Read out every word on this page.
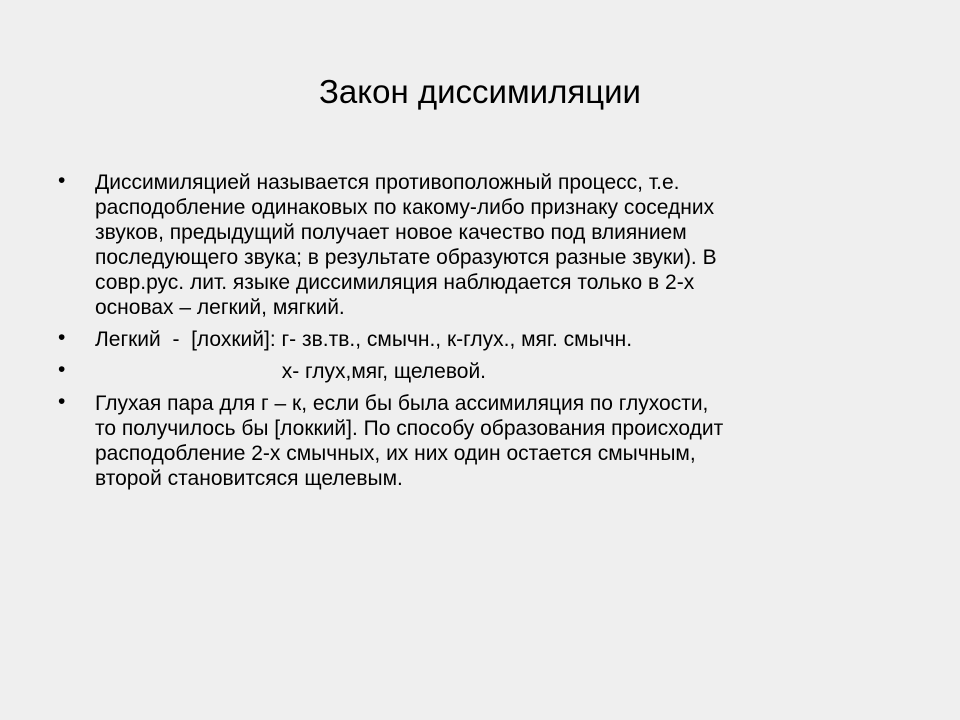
Закон диссимиляции
• Диссимиляцией называется противоположный процесс, т.е.
расподобление одинаковых по какому-либо признаку соседних
звуков, предыдущий получает новое качество под влиянием
последующего звука; в результате образуются разные звуки). В
совр.рус. лит. языке диссимиляция наблюдается только в 2-х
основах – легкий, мягкий.
• Легкий  -  [лохкий]: г- зв.тв., смычн., к-глух., мяг. смычн.
• х- глух,мяг, щелевой.
• Глухая пара для г – к, если бы была ассимиляция по глухости,
то получилось бы [локкий]. По способу образования происходит
расподобление 2-х смычных, их них один остается смычным,
второй становитсяся щелевым.
